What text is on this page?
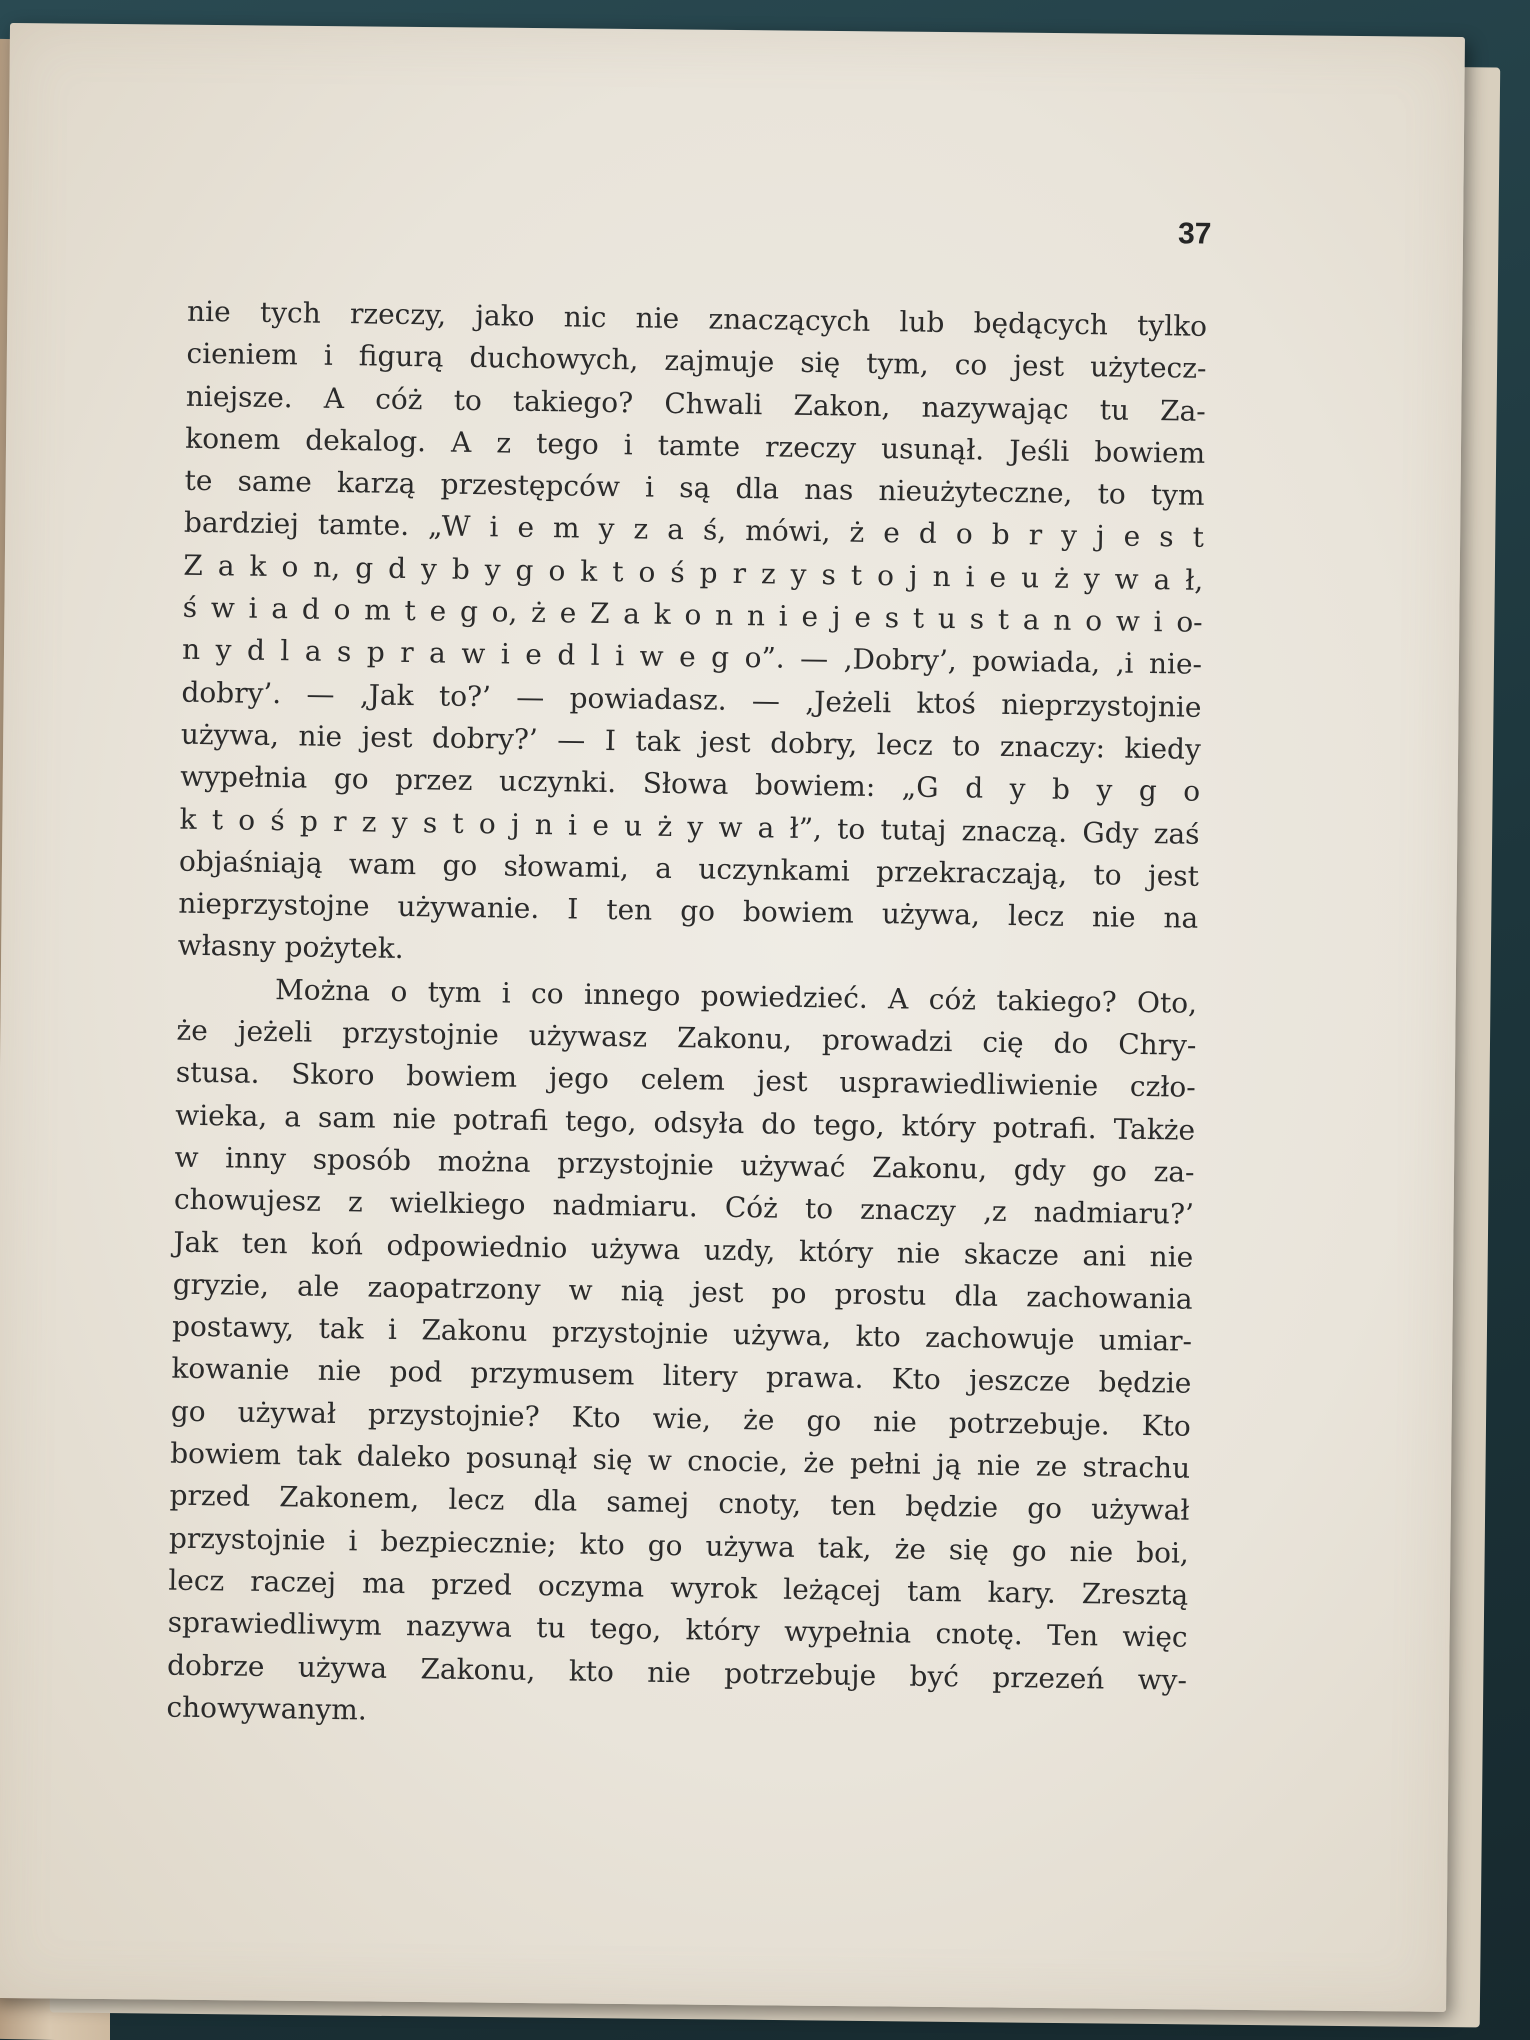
37

nie tych rzeczy, jako nic nie znaczących lub będących tylko
cieniem i figurą duchowych, zajmuje się tym, co jest użytecz-
niejsze. A cóż to takiego? Chwali Zakon, nazywając tu Za-
konem dekalog. A z tego i tamte rzeczy usunął. Jeśli bowiem
te same karzą przestępców i są dla nas nieużyteczne, to tym
bardziej tamte. „W i e m y z a ś, mówi, ż e d o b r y j e s t
Z a k o n, g d y b y g o k t o ś p r z y s t o j n i e u ż y w a ł,
ś w i a d o m t e g o, ż e Z a k o n n i e j e s t u s t a n o w i o-
n y d l a s p r a w i e d l i w e g o”. — ‚Dobry’, powiada, ‚i nie-
dobry’. — ‚Jak to?’ — powiadasz. — ‚Jeżeli ktoś nieprzystojnie
używa, nie jest dobry?’ — I tak jest dobry, lecz to znaczy: kiedy
wypełnia go przez uczynki. Słowa bowiem: „G d y b y g o
k t o ś p r z y s t o j n i e u ż y w a ł”, to tutaj znaczą. Gdy zaś
objaśniają wam go słowami, a uczynkami przekraczają, to jest
nieprzystojne używanie. I ten go bowiem używa, lecz nie na
własny pożytek.

Można o tym i co innego powiedzieć. A cóż takiego? Oto,
że jeżeli przystojnie używasz Zakonu, prowadzi cię do Chry-
stusa. Skoro bowiem jego celem jest usprawiedliwienie czło-
wieka, a sam nie potrafi tego, odsyła do tego, który potrafi. Także
w inny sposób można przystojnie używać Zakonu, gdy go za-
chowujesz z wielkiego nadmiaru. Cóż to znaczy ‚z nadmiaru?’
Jak ten koń odpowiednio używa uzdy, który nie skacze ani nie
gryzie, ale zaopatrzony w nią jest po prostu dla zachowania
postawy, tak i Zakonu przystojnie używa, kto zachowuje umiar-
kowanie nie pod przymusem litery prawa. Kto jeszcze będzie
go używał przystojnie? Kto wie, że go nie potrzebuje. Kto
bowiem tak daleko posunął się w cnocie, że pełni ją nie ze strachu
przed Zakonem, lecz dla samej cnoty, ten będzie go używał
przystojnie i bezpiecznie; kto go używa tak, że się go nie boi,
lecz raczej ma przed oczyma wyrok leżącej tam kary. Zresztą
sprawiedliwym nazywa tu tego, który wypełnia cnotę. Ten więc
dobrze używa Zakonu, kto nie potrzebuje być przezeń wy-
chowywanym.
